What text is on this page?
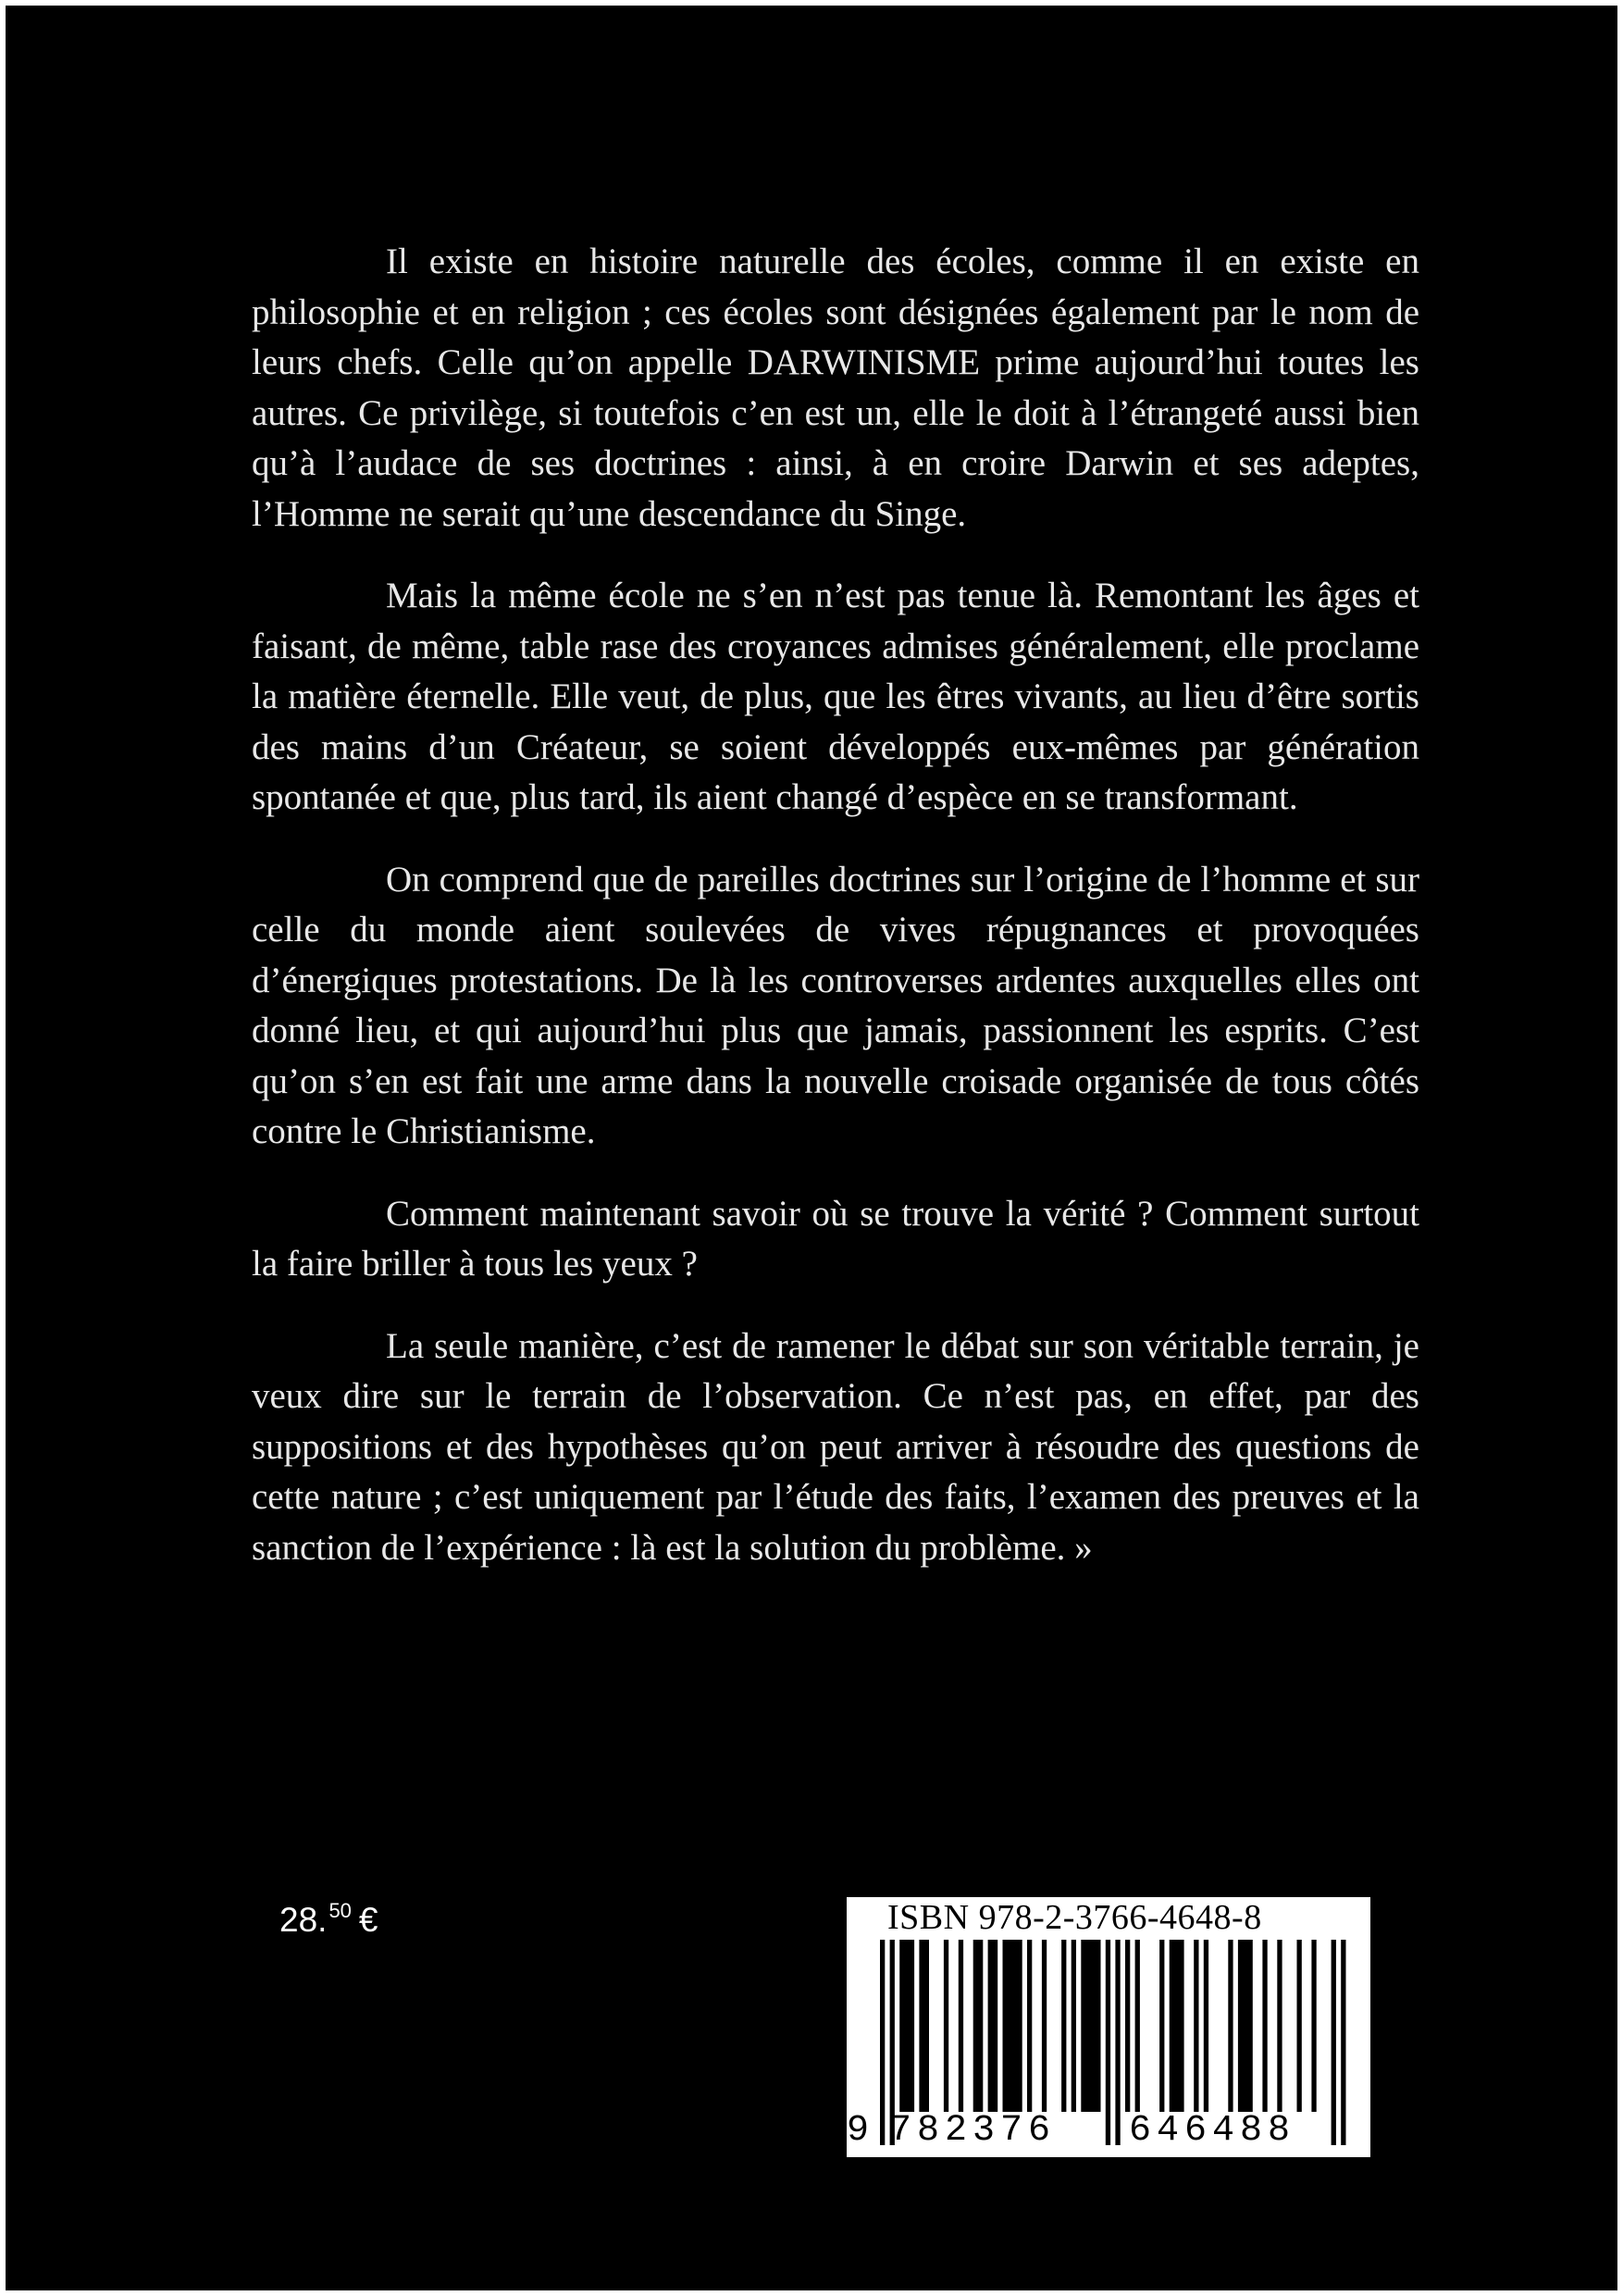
Il existe en histoire naturelle des écoles, comme il en existe en philosophie et en religion ; ces écoles sont désignées également par le nom de leurs chefs. Celle qu’on appelle DARWINISME prime aujourd’hui toutes les autres. Ce privilège, si toutefois c’en est un, elle le doit à l’étrangeté aussi bien qu’à l’audace de ses doctrines : ainsi, à en croire Darwin et ses adeptes, l’Homme ne serait qu’une descendance du Singe.

Mais la même école ne s’en n’est pas tenue là. Remontant les âges et faisant, de même, table rase des croyances admises généralement, elle proclame la matière éternelle. Elle veut, de plus, que les êtres vivants, au lieu d’être sortis des mains d’un Créateur, se soient développés eux-mêmes par génération spontanée et que, plus tard, ils aient changé d’espèce en se transformant.

On comprend que de pareilles doctrines sur l’origine de l’homme et sur celle du monde aient soulevées de vives répugnances et provoquées d’énergiques protestations. De là les controverses ardentes auxquelles elles ont donné lieu, et qui aujourd’hui plus que jamais, passionnent les esprits. C’est qu’on s’en est fait une arme dans la nouvelle croisade organisée de tous côtés contre le Christianisme.

Comment maintenant savoir où se trouve la vérité ? Comment surtout la faire briller à tous les yeux ?

La seule manière, c’est de ramener le débat sur son véritable terrain, je veux dire sur le terrain de l’observation. Ce n’est pas, en effet, par des suppositions et des hypothèses qu’on peut arriver à résoudre des questions de cette nature ; c’est uniquement par l’étude des faits, l’examen des preuves et la sanction de l’expérience : là est la solution du problème. »

28.50 €	ISBN 978-2-3766-4648-8
9 782376 646488
